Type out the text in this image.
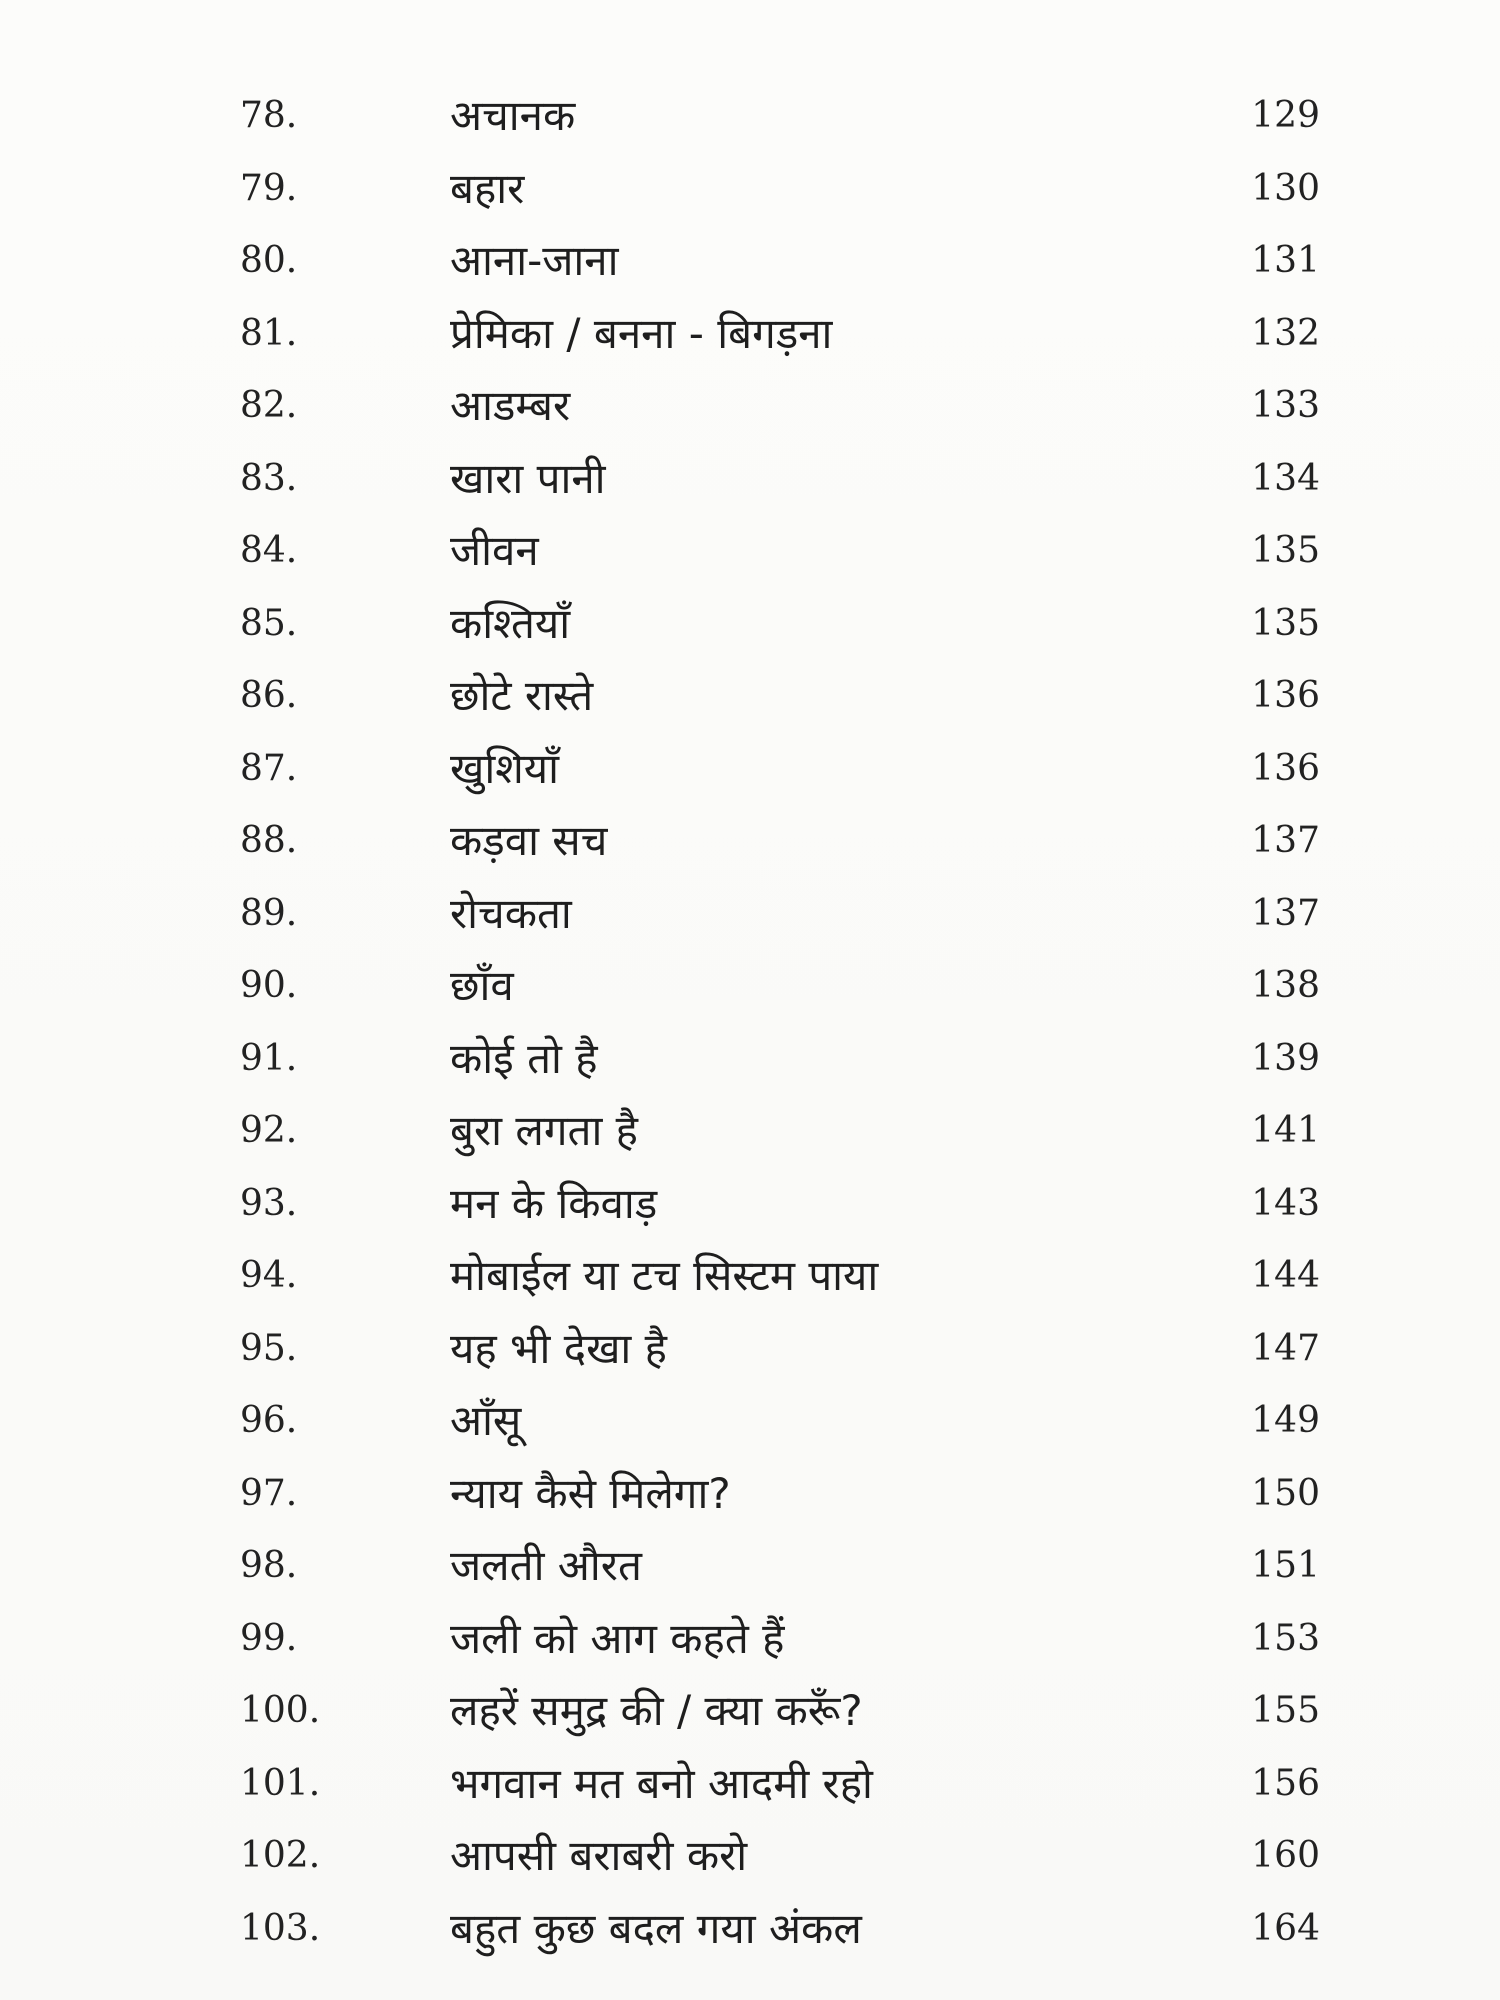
78.	अचानक	129
79.	बहार	130
80.	आना-जाना	131
81.	प्रेमिका / बनना - बिगड़ना	132
82.	आडम्बर	133
83.	खारा पानी	134
84.	जीवन	135
85.	कश्तियाँ	135
86.	छोटे रास्ते	136
87.	खुशियाँ	136
88.	कड़वा सच	137
89.	रोचकता	137
90.	छाँव	138
91.	कोई तो है	139
92.	बुरा लगता है	141
93.	मन के किवाड़	143
94.	मोबाईल या टच सिस्टम पाया	144
95.	यह भी देखा है	147
96.	आँसू	149
97.	न्याय कैसे मिलेगा?	150
98.	जलती औरत	151
99.	जली को आग कहते हैं	153
100.	लहरें समुद्र की / क्या करूँ?	155
101.	भगवान मत बनो आदमी रहो	156
102.	आपसी बराबरी करो	160
103.	बहुत कुछ बदल गया अंकल	164
